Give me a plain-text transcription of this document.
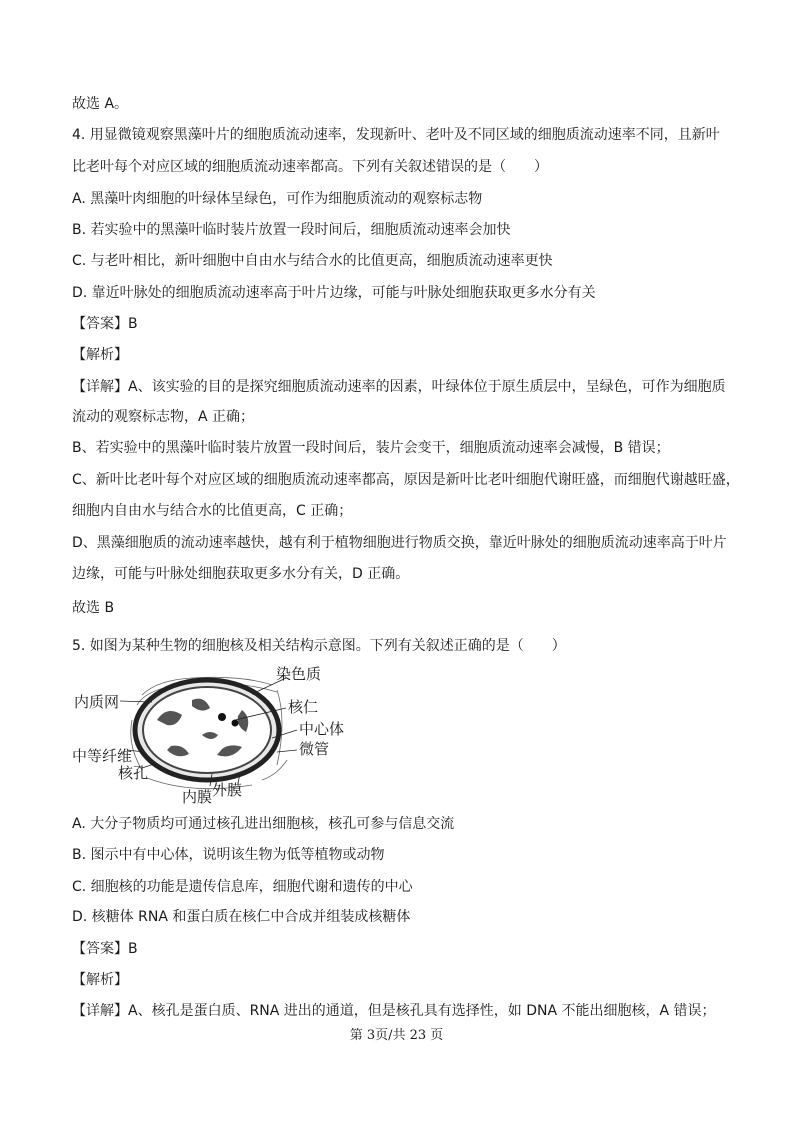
故选 A。
4. 用显微镜观察黑藻叶片的细胞质流动速率，发现新叶、老叶及不同区域的细胞质流动速率不同，且新叶
比老叶每个对应区域的细胞质流动速率都高。下列有关叙述错误的是（　　）
A. 黑藻叶肉细胞的叶绿体呈绿色，可作为细胞质流动的观察标志物
B. 若实验中的黑藻叶临时装片放置一段时间后，细胞质流动速率会加快
C. 与老叶相比，新叶细胞中自由水与结合水的比值更高，细胞质流动速率更快
D. 靠近叶脉处的细胞质流动速率高于叶片边缘，可能与叶脉处细胞获取更多水分有关
【答案】B
【解析】
【详解】A、该实验的目的是探究细胞质流动速率的因素，叶绿体位于原生质层中，呈绿色，可作为细胞质
流动的观察标志物，A 正确；
B、若实验中的黑藻叶临时装片放置一段时间后，装片会变干，细胞质流动速率会减慢，B 错误；
C、新叶比老叶每个对应区域的细胞质流动速率都高，原因是新叶比老叶细胞代谢旺盛，而细胞代谢越旺盛，
细胞内自由水与结合水的比值更高，C 正确；
D、黑藻细胞质的流动速率越快，越有利于植物细胞进行物质交换，靠近叶脉处的细胞质流动速率高于叶片
边缘，可能与叶脉处细胞获取更多水分有关，D 正确。
故选 B
5. 如图为某种生物的细胞核及相关结构示意图。下列有关叙述正确的是（　　）
内质网
染色质
核仁
中心体
微管
中等纤维
核孔
内膜 外膜
A. 大分子物质均可通过核孔进出细胞核，核孔可参与信息交流
B. 图示中有中心体，说明该生物为低等植物或动物
C. 细胞核的功能是遗传信息库，细胞代谢和遗传的中心
D. 核糖体 RNA 和蛋白质在核仁中合成并组装成核糖体
【答案】B
【解析】
【详解】A、核孔是蛋白质、RNA 进出的通道，但是核孔具有选择性，如 DNA 不能出细胞核，A 错误；
第 3页/共 23 页
